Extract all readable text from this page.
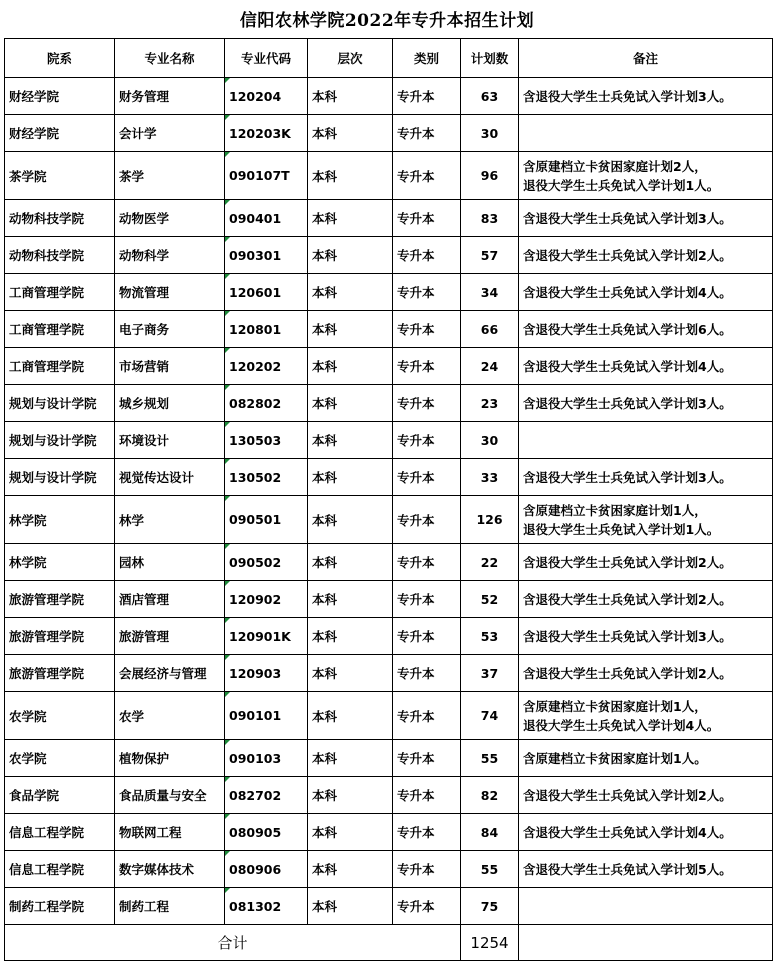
信阳农林学院2022年专升本招生计划
院系	专业名称	专业代码	层次	类别	计划数	备注
财经学院	财务管理	120204	本科	专升本	63	含退役大学生士兵免试入学计划3人。

财经学院	会计学	120203K	本科	专升本	30	
茶学院	茶学	090107T	本科	专升本	96	含原建档立卡贫困家庭计划2人，
退役大学生士兵免试入学计划1人。

动物科技学院	动物医学	090401	本科	专升本	83	含退役大学生士兵免试入学计划3人。

动物科技学院	动物科学	090301	本科	专升本	57	含退役大学生士兵免试入学计划2人。

工商管理学院	物流管理	120601	本科	专升本	34	含退役大学生士兵免试入学计划4人。

工商管理学院	电子商务	120801	本科	专升本	66	含退役大学生士兵免试入学计划6人。

工商管理学院	市场营销	120202	本科	专升本	24	含退役大学生士兵免试入学计划4人。

规划与设计学院	城乡规划	082802	本科	专升本	23	含退役大学生士兵免试入学计划3人。

规划与设计学院	环境设计	130503	本科	专升本	30	
规划与设计学院	视觉传达设计	130502	本科	专升本	33	含退役大学生士兵免试入学计划3人。

林学院	林学	090501	本科	专升本	126	含原建档立卡贫困家庭计划1人，
退役大学生士兵免试入学计划1人。

林学院	园林	090502	本科	专升本	22	含退役大学生士兵免试入学计划2人。

旅游管理学院	酒店管理	120902	本科	专升本	52	含退役大学生士兵免试入学计划2人。

旅游管理学院	旅游管理	120901K	本科	专升本	53	含退役大学生士兵免试入学计划3人。

旅游管理学院	会展经济与管理	120903	本科	专升本	37	含退役大学生士兵免试入学计划2人。

农学院	农学	090101	本科	专升本	74	含原建档立卡贫困家庭计划1人，
退役大学生士兵免试入学计划4人。

农学院	植物保护	090103	本科	专升本	55	含原建档立卡贫困家庭计划1人。

食品学院	食品质量与安全	082702	本科	专升本	82	含退役大学生士兵免试入学计划2人。

信息工程学院	物联网工程	080905	本科	专升本	84	含退役大学生士兵免试入学计划4人。

信息工程学院	数字媒体技术	080906	本科	专升本	55	含退役大学生士兵免试入学计划5人。

制药工程学院	制药工程	081302	本科	专升本	75	
合计					1254	
